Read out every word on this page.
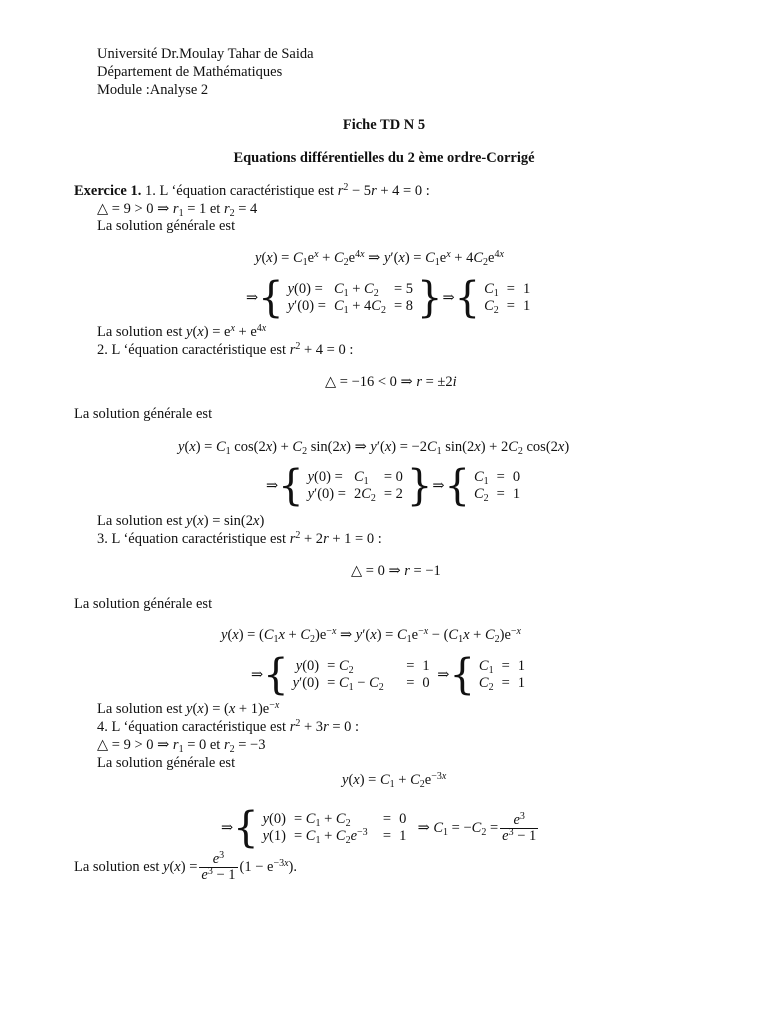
Université Dr.Moulay Tahar de Saida
Département de Mathématiques
Module :Analyse 2
Fiche TD N 5
Equations différentielles du 2 ème ordre-Corrigé
Exercice 1. 1. L ‘équation caractéristique est $r^2 - 5r + 4 = 0$ :
△ = 9 > 0 ⇒ $r_1 = 1$ et $r_2 = 4$
La solution générale est
$y(x) = C_1e^x + C_2e^{4x}$ ⇒ $y'(x) = C_1e^x + 4C_2e^{4x}$
⇒ { y(0) =	$C_1 + C_2$	= 5
y′(0) =	$C_1 + 4C_2$	= 8 } ⇒ { $C_1$	=	1
$C_2$	=	1
La solution est $y(x) = e^x + e^{4x}$
2. L ‘équation caractéristique est $r^2 + 4 = 0$ :
△ = −16 < 0 ⇒ r = ±2i
La solution générale est
$y(x) = C_1$ $\cos(2x) + C_2$ sin(2x) ⇒ $y'(x) = -2C_1$ $\sin(2x) + 2C_2$ cos(2x)
⇒ { y(0) =	$C_1$	= 0
y′(0) =	$2C_2$	= 2 } ⇒ { $C_1$	=	0
$C_2$	=	1
La solution est y(x) = sin(2x)
3. L ‘équation caractéristique est $r^2 + 2r + 1 = 0$ :
△ = 0 ⇒ r = −1
La solution générale est
$y(x) = (C_1x + C_2)e^{-x}$ ⇒ $y'(x) = C_1e^{-x} - (C_1x + C_2)e^{-x}$
⇒ { y(0)	= $C_2$	=	1
y′(0)	= $C_1 - C_2$	=	0
⇒ { $C_1$	=	1
$C_2$	=	1
La solution est $y(x) = (x + 1)e^{-x}$
4. L ‘équation caractéristique est $r^2 + 3r = 0$ :
△ = 9 > 0 ⇒ $r_1 = 0$ et $r_2 = -3$
La solution générale est
$y(x) = C_1 + C_2e^{-3x}$
⇒ { y(0)	= $C_1 + C_2$	=	0
y(1)	= $C_1 + C_2e^{-3}$	=	1
⇒ $C_1 = -C_2 = \frac{e^3}{e^3 - 1}$
La solution est
$y(x) = \frac{e^3}{e^3 - 1} (1 - e^{-3x})$.
